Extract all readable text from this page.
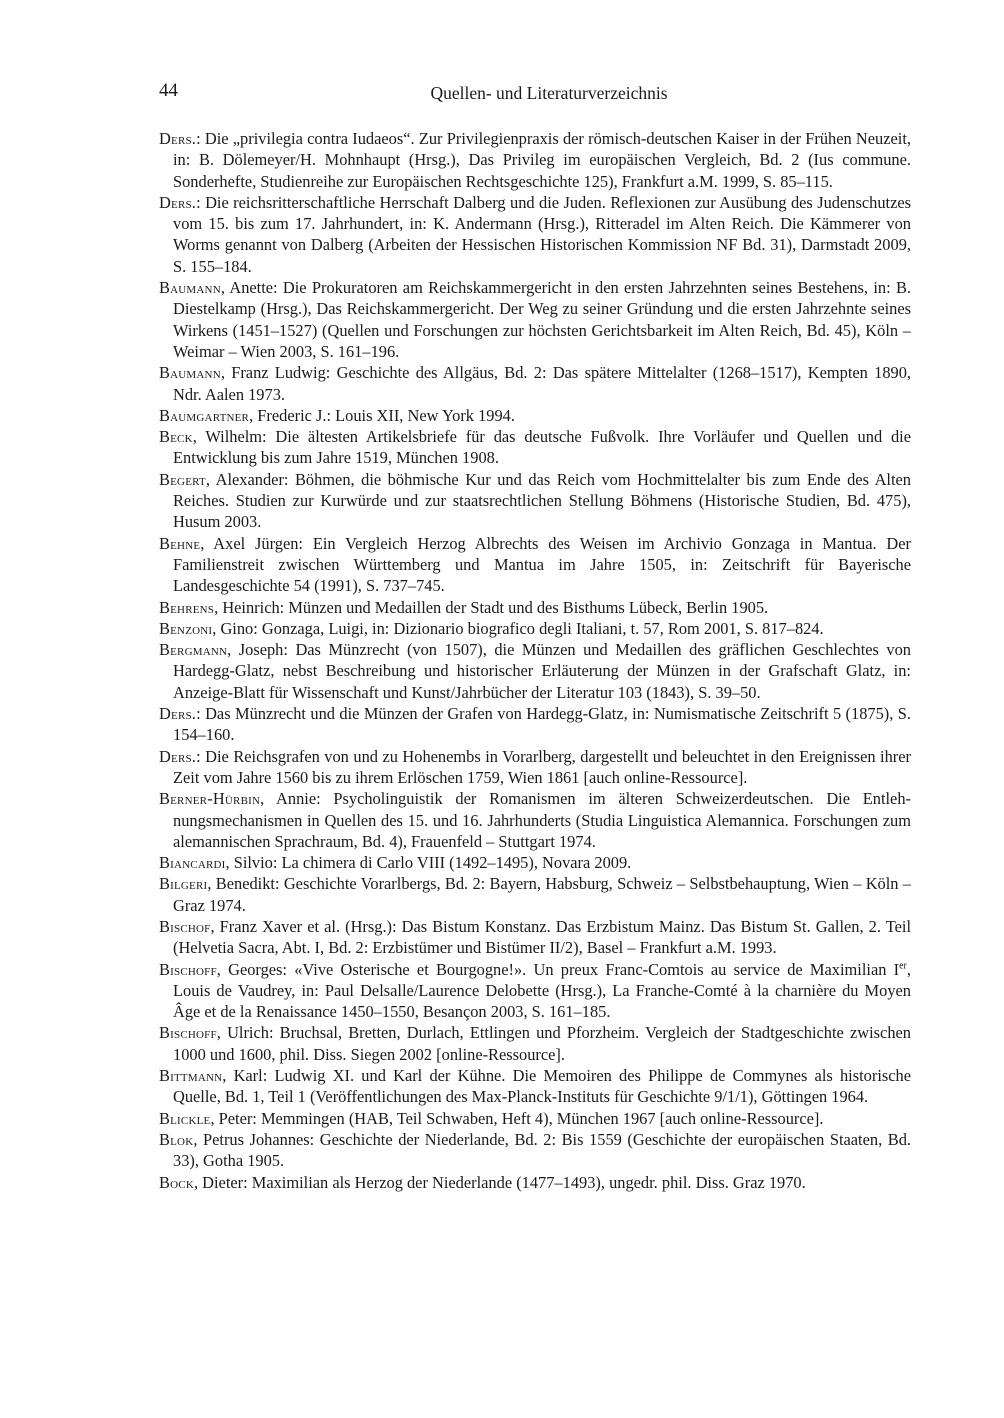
44	Quellen- und Literaturverzeichnis

Ders.: Die „privilegia contra Iudaeos“. Zur Privilegienpraxis der römisch-deutschen Kaiser in der Frühen Neuzeit, in: B. Dölemeyer/H. Mohnhaupt (Hrsg.), Das Privileg im europäischen Vergleich, Bd. 2 (Ius commune. Sonderhefte, Studienreihe zur Europäischen Rechtsgeschichte 125), Frankfurt a.M. 1999, S. 85–115.

Ders.: Die reichsritterschaftliche Herrschaft Dalberg und die Juden. Reflexionen zur Ausübung des Judenschutzes vom 15. bis zum 17. Jahrhundert, in: K. Andermann (Hrsg.), Ritteradel im Alten Reich. Die Kämmerer von Worms genannt von Dalberg (Arbeiten der Hessischen Historischen Kommission NF Bd. 31), Darmstadt 2009, S. 155–184.

Baumann, Anette: Die Prokuratoren am Reichskammergericht in den ersten Jahrzehnten seines Bestehens, in: B. Diestelkamp (Hrsg.), Das Reichskammergericht. Der Weg zu seiner Gründung und die ersten Jahrzehnte seines Wirkens (1451–1527) (Quellen und Forschungen zur höchsten Gerichtsbarkeit im Alten Reich, Bd. 45), Köln – Weimar – Wien 2003, S. 161–196.

Baumann, Franz Ludwig: Geschichte des Allgäus, Bd. 2: Das spätere Mittelalter (1268–1517), Kempten 1890, Ndr. Aalen 1973.

Baumgartner, Frederic J.: Louis XII, New York 1994.

Beck, Wilhelm: Die ältesten Artikelsbriefe für das deutsche Fußvolk. Ihre Vorläufer und Quellen und die Entwicklung bis zum Jahre 1519, München 1908.

Begert, Alexander: Böhmen, die böhmische Kur und das Reich vom Hochmittelalter bis zum Ende des Alten Reiches. Studien zur Kurwürde und zur staatsrechtlichen Stellung Böhmens (Historische Studien, Bd. 475), Husum 2003.

Behne, Axel Jürgen: Ein Vergleich Herzog Albrechts des Weisen im Archivio Gonzaga in Mantua. Der Familienstreit zwischen Württemberg und Mantua im Jahre 1505, in: Zeitschrift für Bayerische Landesgeschichte 54 (1991), S. 737–745.

Behrens, Heinrich: Münzen und Medaillen der Stadt und des Bisthums Lübeck, Berlin 1905.

Benzoni, Gino: Gonzaga, Luigi, in: Dizionario biografico degli Italiani, t. 57, Rom 2001, S. 817–824.

Bergmann, Joseph: Das Münzrecht (von 1507), die Münzen und Medaillen des gräflichen Geschlechtes von Hardegg-Glatz, nebst Beschreibung und historischer Erläuterung der Münzen in der Grafschaft Glatz, in: Anzeige-Blatt für Wissenschaft und Kunst/Jahrbücher der Literatur 103 (1843), S. 39–50.

Ders.: Das Münzrecht und die Münzen der Grafen von Hardegg-Glatz, in: Numismatische Zeitschrift 5 (1875), S. 154–160.

Ders.: Die Reichsgrafen von und zu Hohenembs in Vorarlberg, dargestellt und beleuchtet in den Ereignissen ihrer Zeit vom Jahre 1560 bis zu ihrem Erlöschen 1759, Wien 1861 [auch online-Ressource].

Berner-Hürbin, Annie: Psycholinguistik der Romanismen im älteren Schweizerdeutschen. Die Entlehnungsmechanismen in Quellen des 15. und 16. Jahrhunderts (Studia Linguistica Alemannica. Forschungen zum alemannischen Sprachraum, Bd. 4), Frauenfeld – Stuttgart 1974.

Biancardi, Silvio: La chimera di Carlo VIII (1492–1495), Novara 2009.

Bilgeri, Benedikt: Geschichte Vorarlbergs, Bd. 2: Bayern, Habsburg, Schweiz – Selbstbehauptung, Wien – Köln – Graz 1974.

Bischof, Franz Xaver et al. (Hrsg.): Das Bistum Konstanz. Das Erzbistum Mainz. Das Bistum St. Gallen, 2. Teil (Helvetia Sacra, Abt. I, Bd. 2: Erzbistümer und Bistümer II/2), Basel – Frankfurt a.M. 1993.

Bischoff, Georges: «Vive Osterische et Bourgogne!». Un preux Franc-Comtois au service de Maximilian Ier, Louis de Vaudrey, in: Paul Delsalle/Laurence Delobette (Hrsg.), La Franche-Comté à la charnière du Moyen Âge et de la Renaissance 1450–1550, Besançon 2003, S. 161–185.

Bischoff, Ulrich: Bruchsal, Bretten, Durlach, Ettlingen und Pforzheim. Vergleich der Stadtgeschichte zwischen 1000 und 1600, phil. Diss. Siegen 2002 [online-Ressource].

Bittmann, Karl: Ludwig XI. und Karl der Kühne. Die Memoiren des Philippe de Commynes als historische Quelle, Bd. 1, Teil 1 (Veröffentlichungen des Max-Planck-Instituts für Geschichte 9/1/1), Göttingen 1964.

Blickle, Peter: Memmingen (HAB, Teil Schwaben, Heft 4), München 1967 [auch online-Ressource].

Blok, Petrus Johannes: Geschichte der Niederlande, Bd. 2: Bis 1559 (Geschichte der europäischen Staaten, Bd. 33), Gotha 1905.

Bock, Dieter: Maximilian als Herzog der Niederlande (1477–1493), ungedr. phil. Diss. Graz 1970.
